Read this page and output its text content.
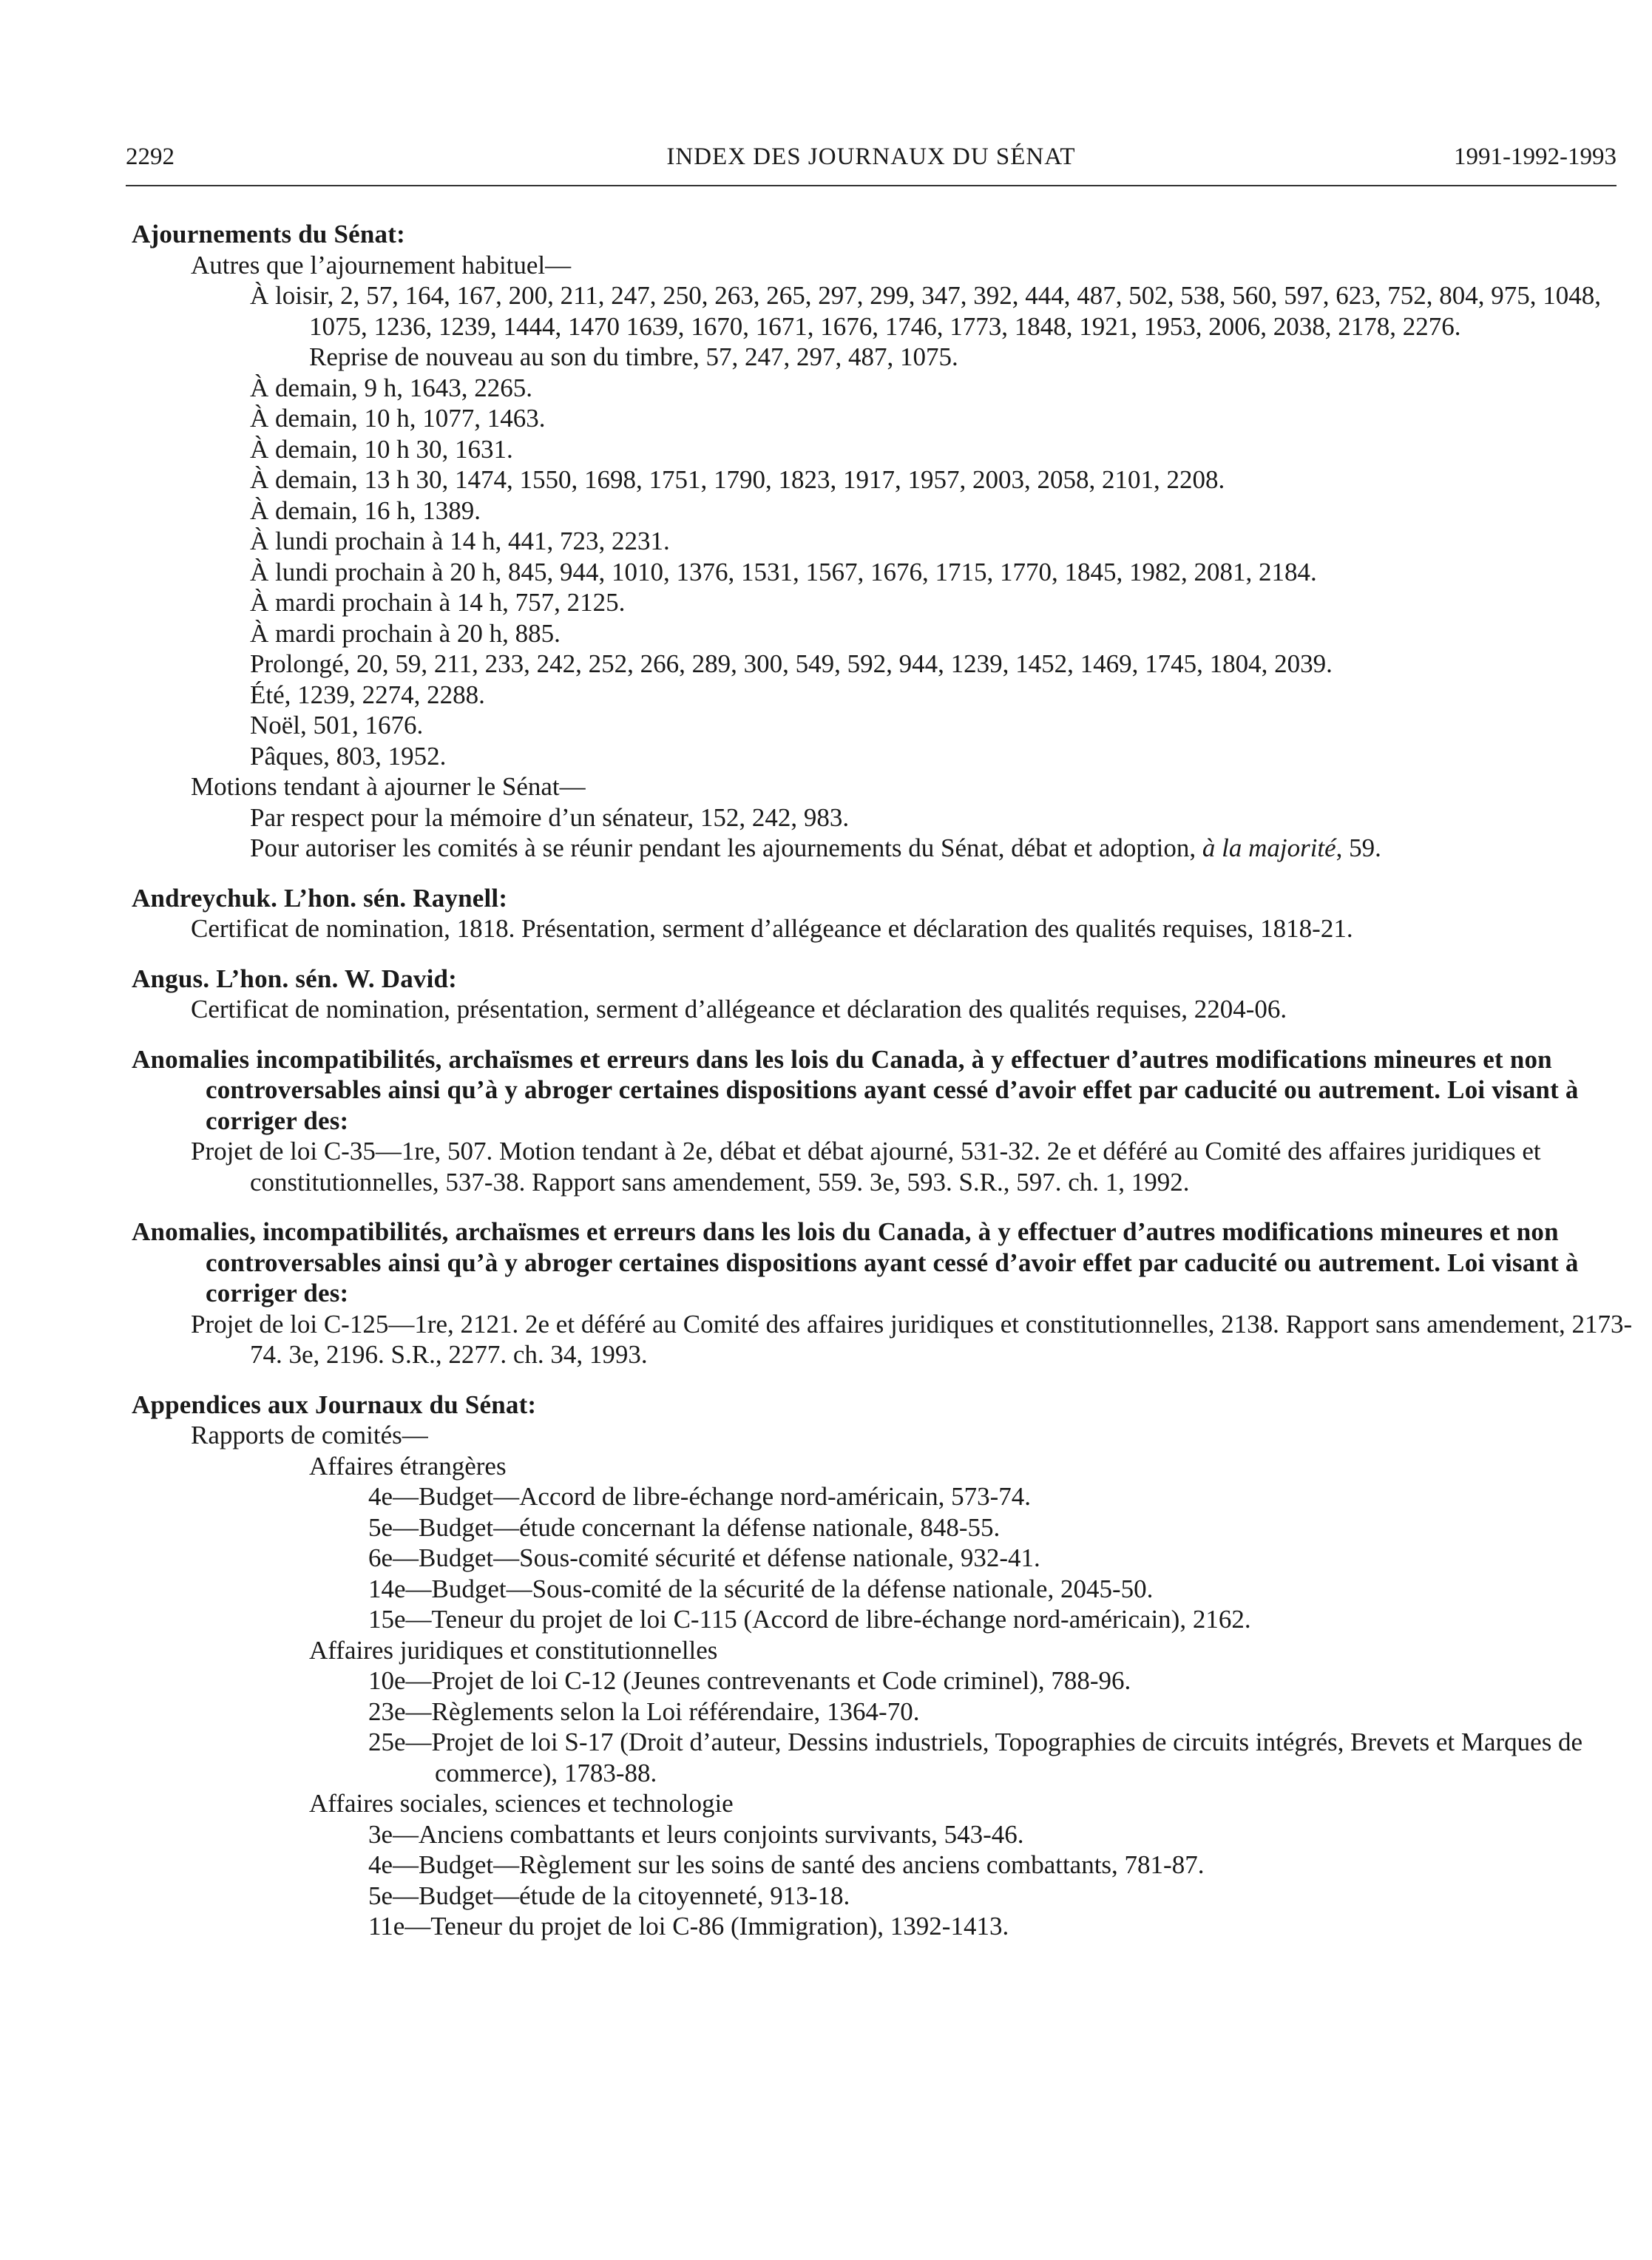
2292	INDEX DES JOURNAUX DU SÉNAT	1991-1992-1993
Ajournements du Sénat:
Autres que l’ajournement habituel—
À loisir, 2, 57, 164, 167, 200, 211, 247, 250, 263, 265, 297, 299, 347, 392, 444, 487, 502, 538, 560, 597, 623, 752, 804, 975, 1048, 1075, 1236, 1239, 1444, 1470 1639, 1670, 1671, 1676, 1746, 1773, 1848, 1921, 1953, 2006, 2038, 2178, 2276.
Reprise de nouveau au son du timbre, 57, 247, 297, 487, 1075.
À demain, 9 h, 1643, 2265.
À demain, 10 h, 1077, 1463.
À demain, 10 h 30, 1631.
À demain, 13 h 30, 1474, 1550, 1698, 1751, 1790, 1823, 1917, 1957, 2003, 2058, 2101, 2208.
À demain, 16 h, 1389.
À lundi prochain à 14 h, 441, 723, 2231.
À lundi prochain à 20 h, 845, 944, 1010, 1376, 1531, 1567, 1676, 1715, 1770, 1845, 1982, 2081, 2184.
À mardi prochain à 14 h, 757, 2125.
À mardi prochain à 20 h, 885.
Prolongé, 20, 59, 211, 233, 242, 252, 266, 289, 300, 549, 592, 944, 1239, 1452, 1469, 1745, 1804, 2039.
Été, 1239, 2274, 2288.
Noël, 501, 1676.
Pâques, 803, 1952.
Motions tendant à ajourner le Sénat—
Par respect pour la mémoire d’un sénateur, 152, 242, 983.
Pour autoriser les comités à se réunir pendant les ajournements du Sénat, débat et adoption, à la majorité, 59.
Andreychuk. L’hon. sén. Raynell:
Certificat de nomination, 1818. Présentation, serment d’allégeance et déclaration des qualités requises, 1818-21.
Angus. L’hon. sén. W. David:
Certificat de nomination, présentation, serment d’allégeance et déclaration des qualités requises, 2204-06.
Anomalies incompatibilités, archaïsmes et erreurs dans les lois du Canada, à y effectuer d’autres modifications mineures et non controversables ainsi qu’à y abroger certaines dispositions ayant cessé d’avoir effet par caducité ou autrement. Loi visant à corriger des:
Projet de loi C-35—1re, 507. Motion tendant à 2e, débat et débat ajourné, 531-32. 2e et déféré au Comité des affaires juridiques et constitutionnelles, 537-38. Rapport sans amendement, 559. 3e, 593. S.R., 597. ch. 1, 1992.
Anomalies, incompatibilités, archaïsmes et erreurs dans les lois du Canada, à y effectuer d’autres modifications mineures et non controversables ainsi qu’à y abroger certaines dispositions ayant cessé d’avoir effet par caducité ou autrement. Loi visant à corriger des:
Projet de loi C-125—1re, 2121. 2e et déféré au Comité des affaires juridiques et constitutionnelles, 2138. Rapport sans amendement, 2173-74. 3e, 2196. S.R., 2277. ch. 34, 1993.
Appendices aux Journaux du Sénat:
Rapports de comités—
Affaires étrangères
4e—Budget—Accord de libre-échange nord-américain, 573-74.
5e—Budget—étude concernant la défense nationale, 848-55.
6e—Budget—Sous-comité sécurité et défense nationale, 932-41.
14e—Budget—Sous-comité de la sécurité de la défense nationale, 2045-50.
15e—Teneur du projet de loi C-115 (Accord de libre-échange nord-américain), 2162.
Affaires juridiques et constitutionnelles
10e—Projet de loi C-12 (Jeunes contrevenants et Code criminel), 788-96.
23e—Règlements selon la Loi référendaire, 1364-70.
25e—Projet de loi S-17 (Droit d’auteur, Dessins industriels, Topographies de circuits intégrés, Brevets et Marques de commerce), 1783-88.
Affaires sociales, sciences et technologie
3e—Anciens combattants et leurs conjoints survivants, 543-46.
4e—Budget—Règlement sur les soins de santé des anciens combattants, 781-87.
5e—Budget—étude de la citoyenneté, 913-18.
11e—Teneur du projet de loi C-86 (Immigration), 1392-1413.
